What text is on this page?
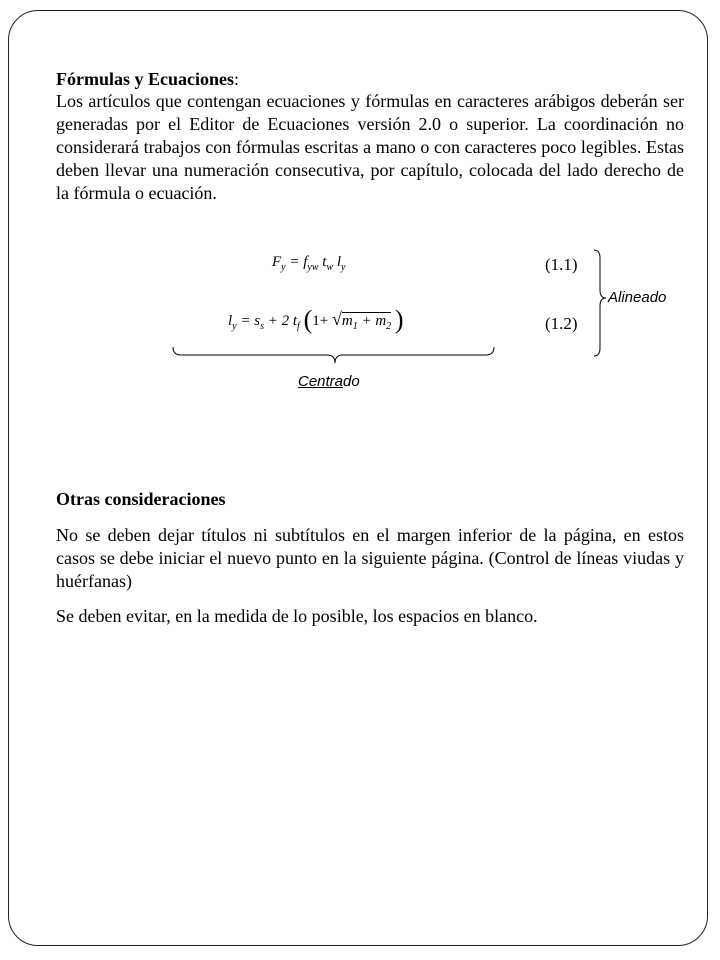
Fórmulas y Ecuaciones:
Los artículos que contengan ecuaciones y fórmulas en caracteres arábigos deberán ser generadas por el Editor de Ecuaciones versión 2.0 o superior. La coordinación no considerará trabajos con fórmulas escritas a mano o con caracteres poco legibles. Estas deben llevar una numeración consecutiva, por capítulo, colocada del lado derecho de la fórmula o ecuación.
$F_y = f_{yw}$ $t_w$ $l_y$	(1.1)
$l_y = s_s + 2$ $t_f$ ($1+ √m_1 + m_2$ )	(1.2)
Alineado
Centrado
Otras consideraciones
No se deben dejar títulos ni subtítulos en el margen inferior de la página, en estos casos se debe iniciar el nuevo punto en la siguiente página. (Control de líneas viudas y huérfanas)
Se deben evitar, en la medida de lo posible, los espacios en blanco.
